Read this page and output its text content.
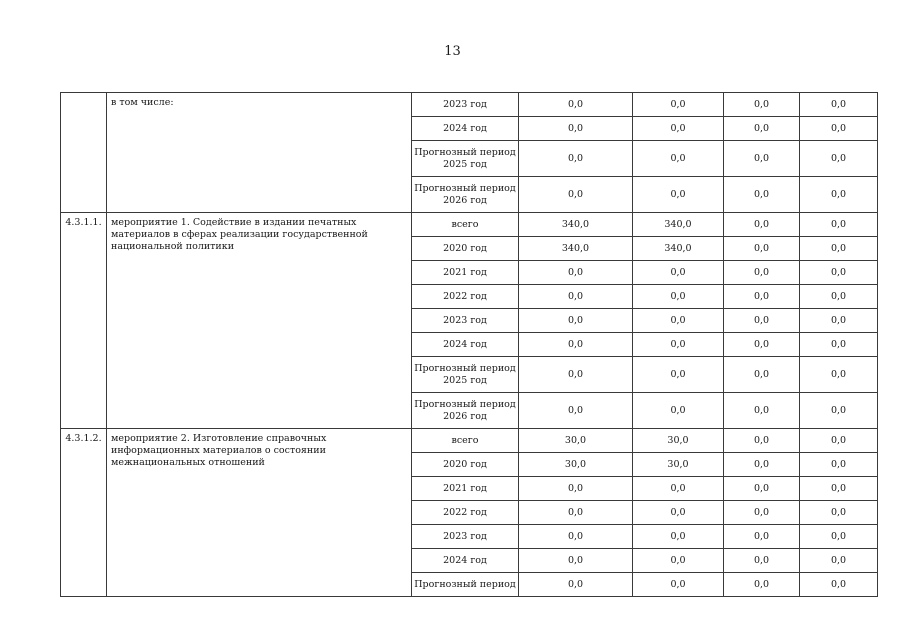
13
	в том числе:	2023 год	0,0	0,0	0,0	0,0
		2024 год	0,0	0,0	0,0	0,0
		Прогнозный период 2025 год	0,0	0,0	0,0	0,0
		Прогнозный период 2026 год	0,0	0,0	0,0	0,0
4.3.1.1.	мероприятие 1. Содействие в издании печатных материалов в сферах реализации государственной национальной политики	всего	340,0	340,0	0,0	0,0
		2020 год	340,0	340,0	0,0	0,0
		2021 год	0,0	0,0	0,0	0,0
		2022 год	0,0	0,0	0,0	0,0
		2023 год	0,0	0,0	0,0	0,0
		2024 год	0,0	0,0	0,0	0,0
		Прогнозный период 2025 год	0,0	0,0	0,0	0,0
		Прогнозный период 2026 год	0,0	0,0	0,0	0,0
4.3.1.2.	мероприятие 2. Изготовление справочных информационных материалов о состоянии межнациональных отношений	всего	30,0	30,0	0,0	0,0
		2020 год	30,0	30,0	0,0	0,0
		2021 год	0,0	0,0	0,0	0,0
		2022 год	0,0	0,0	0,0	0,0
		2023 год	0,0	0,0	0,0	0,0
		2024 год	0,0	0,0	0,0	0,0
		Прогнозный период	0,0	0,0	0,0	0,0
